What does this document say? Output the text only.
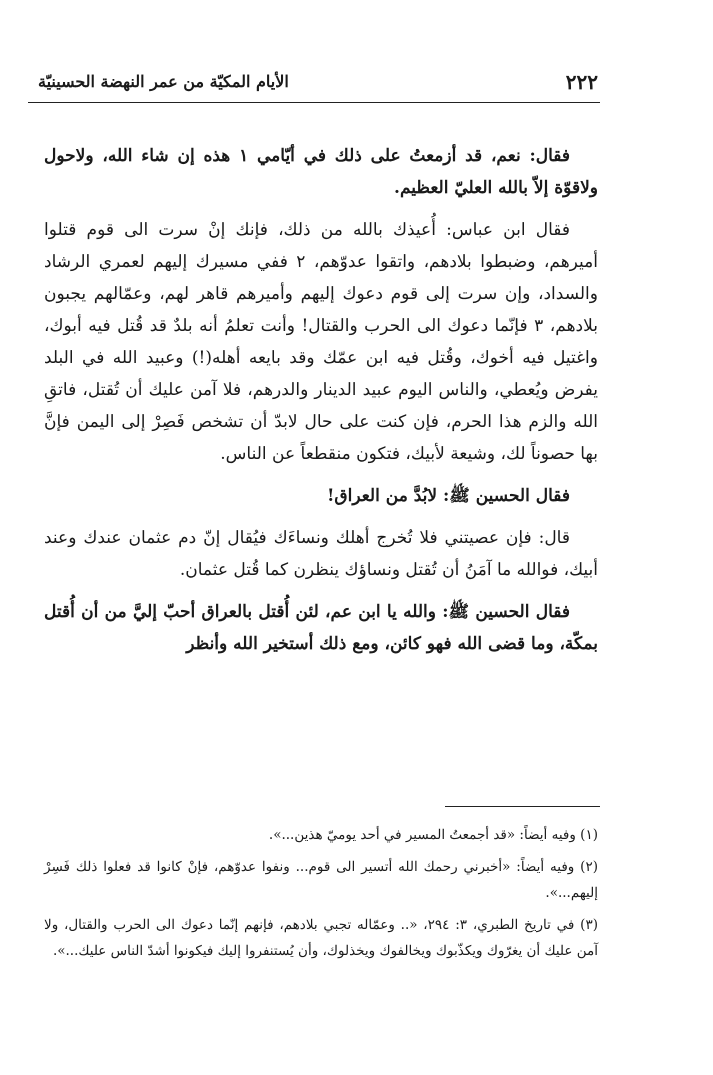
٢٢٢
الأيام المكيّة من عمر النهضة الحسينيّة

فقال: نعم، قد أزمعتُ على ذلك في أيّامي ١ هذه إن شاء الله، ولاحول ولاقوّة إلاّ بالله العليّ العظيم.

فقال ابن عباس: أُعيذك بالله من ذلك، فإنك إنْ سرت الى قوم قتلوا أميرهم، وضبطوا بلادهم، واتقوا عدوّهم، ٢ ففي مسيرك إليهم لعمري الرشاد والسداد، وإن سرت إلى قوم دعوك إليهم وأميرهم قاهر لهم، وعمّالهم يجبون بلادهم، ٣ فإنّما دعوك الى الحرب والقتال! وأنت تعلمُ أنه بلدٌ قد قُتل فيه أبوك، واغتيل فيه أخوك، وقُتل فيه ابن عمّك وقد بايعه أهله(!) وعبيد الله في البلد يفرض ويُعطي، والناس اليوم عبيد الدينار والدرهم، فلا آمن عليك أن تُقتل، فاتقِ الله والزم هذا الحرم، فإن كنت على حال لابدّ أن تشخص فَصِرْ إلى اليمن فإنَّ بها حصوناً لك، وشيعة لأبيك، فتكون منقطعاً عن الناس.

فقال الحسين ﷺ: لابُدَّ من العراق!

قال: فإن عصيتني فلا تُخرج أهلك ونساءَك فيُقال إنّ دم عثمان عندك وعند أبيك، فوالله ما آمَنُ أن تُقتل ونساؤك ينظرن كما قُتل عثمان.

فقال الحسين ﷺ: والله يا ابن عم، لئن أُقتل بالعراق أحبّ إليَّ من أن أُقتل بمكّة، وما قضى الله فهو كائن، ومع ذلك أستخير الله وأنظر

(١) وفيه أيضاً: «قد أجمعتُ المسير في أحد يوميّ هذين...».

(٢) وفيه أيضاً: «أخبرني رحمك الله أتسير الى قوم... ونفوا عدوّهم، فإنْ كانوا قد فعلوا ذلك فَسِرْ إليهم...».

(٣) في تاريخ الطبري، ٣: ٢٩٤، «.. وعمّاله تجبي بلادهم، فإنهم إنّما دعوك الى الحرب والقتال، ولا آمن عليك أن يغرّوك ويكذّبوك ويخالفوك ويخذلوك، وأن يُستنفروا إليك فيكونوا أشدّ الناس عليك...».
